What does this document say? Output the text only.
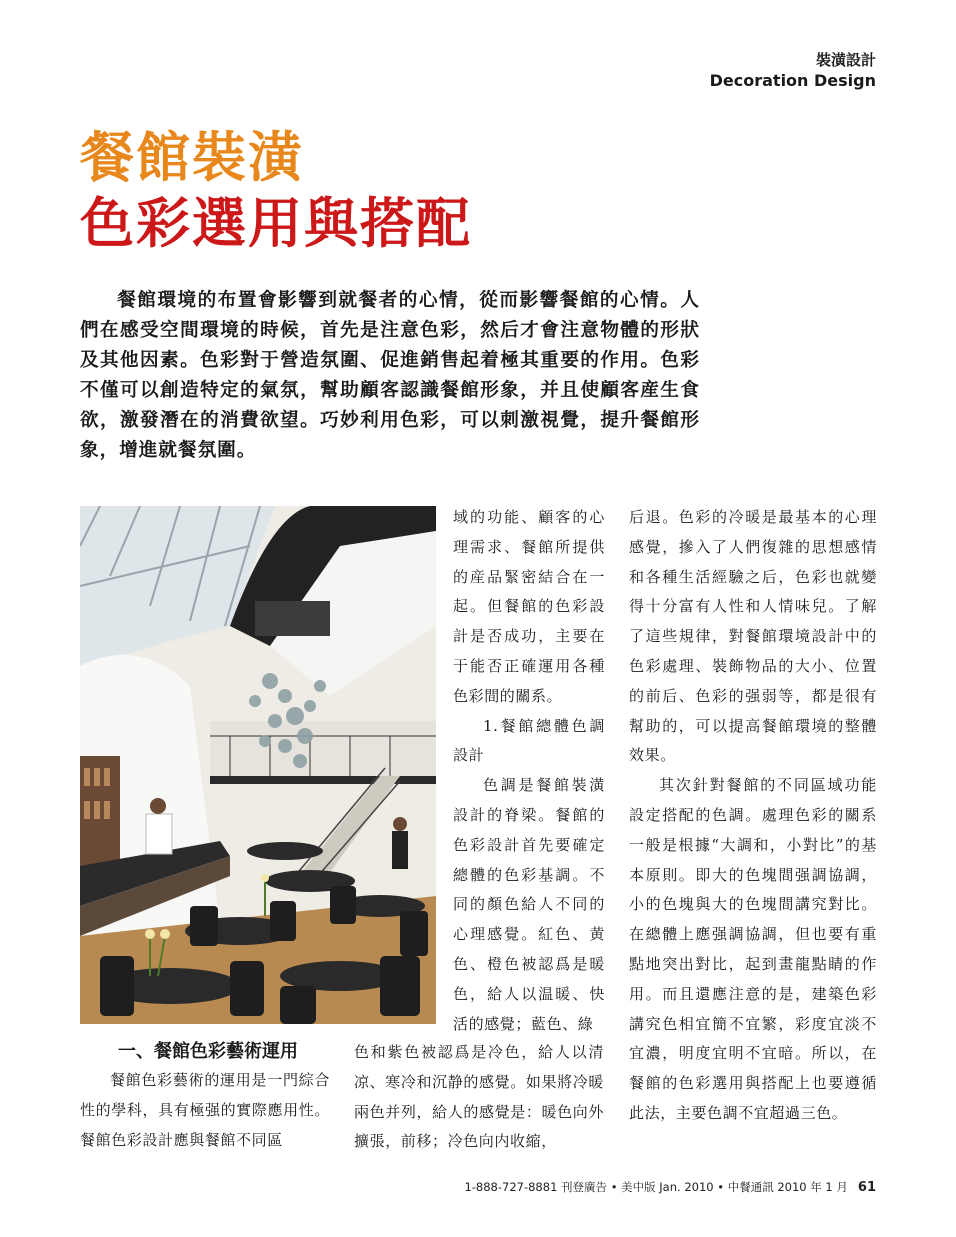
裝潢設計
Decoration Design
餐館裝潢
色彩選用與搭配
餐館環境的布置會影響到就餐者的心情，從而影響餐館的心情。人們在感受空間環境的時候，首先是注意色彩，然后才會注意物體的形狀及其他因素。色彩對于營造氛圍、促進銷售起着極其重要的作用。色彩不僅可以創造特定的氣氛，幫助顧客認識餐館形象，并且使顧客産生食欲，激發潛在的消費欲望。巧妙利用色彩，可以刺激視覺，提升餐館形象，增進就餐氛圍。

域的功能、顧客的心理需求、餐館所提供的産品緊密結合在一起。但餐館的色彩設計是否成功，主要在于能否正確運用各種色彩間的關系。

1.餐館總體色調設計

色調是餐館裝潢設計的脊梁。餐館的色彩設計首先要確定總體的色彩基調。不同的顏色給人不同的心理感覺。紅色、黄色、橙色被認爲是暖色，給人以温暖、快活的感覺；藍色、綠

一、餐館色彩藝術運用

餐館色彩藝術的運用是一門綜合性的學科，具有極强的實際應用性。餐館色彩設計應與餐館不同區

色和紫色被認爲是冷色，給人以清凉、寒冷和沉静的感覺。如果將冷暖兩色并列，給人的感覺是：暖色向外擴張，前移；冷色向内收縮，

后退。色彩的冷暖是最基本的心理感覺，摻入了人們復雜的思想感情和各種生活經驗之后，色彩也就變得十分富有人性和人情味兒。了解了這些規律，對餐館環境設計中的色彩處理、裝飾物品的大小、位置的前后、色彩的强弱等，都是很有幫助的，可以提高餐館環境的整體效果。

其次針對餐館的不同區域功能設定搭配的色調。處理色彩的關系一般是根據“大調和，小對比”的基本原則。即大的色塊間强調協調，小的色塊與大的色塊間講究對比。在總體上應强調協調，但也要有重點地突出對比，起到畫龍點睛的作用。而且還應注意的是，建築色彩講究色相宜簡不宜繁，彩度宜淡不宜濃，明度宜明不宜暗。所以，在餐館的色彩選用與搭配上也要遵循此法，主要色調不宜超過三色。

1-888-727-8881 刊登廣告 • 美中版 Jan. 2010 • 中餐通訊 2010 年 1 月 61
